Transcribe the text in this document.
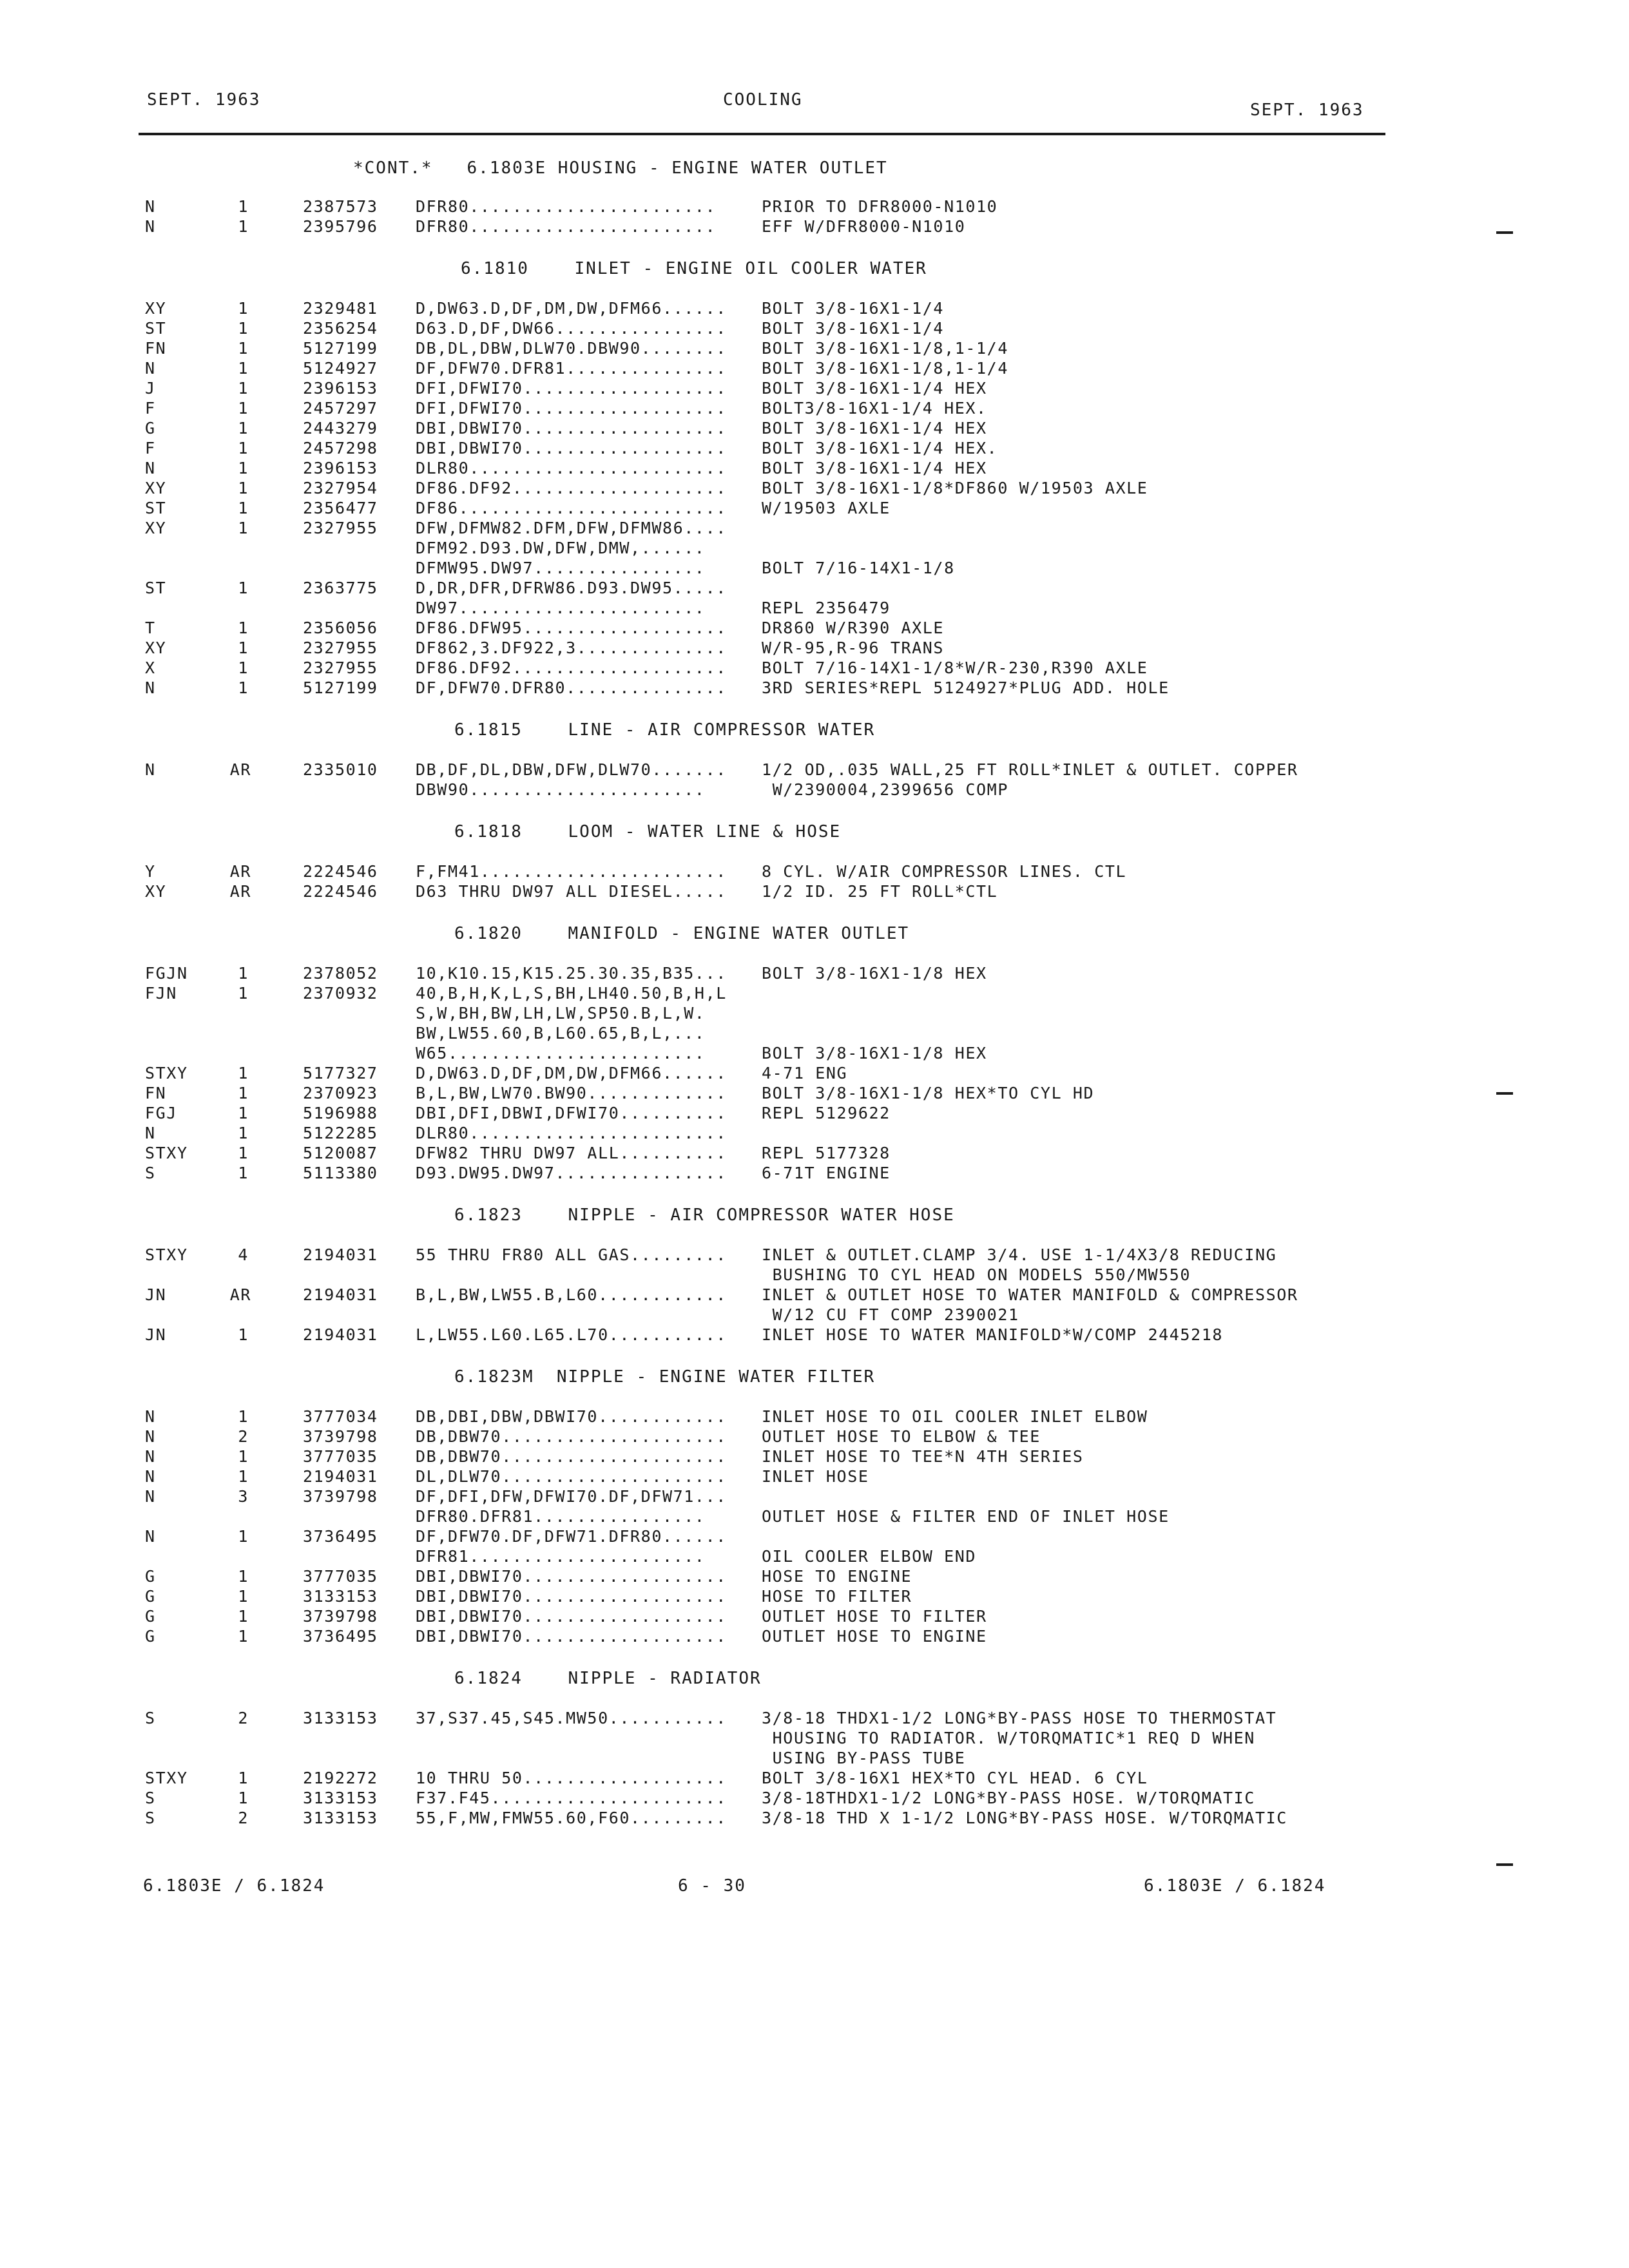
SEPT. 1963	COOLING
SEPT. 1963
*CONT.*   6.1803E HOUSING - ENGINE WATER OUTLET
N	1	2387573 DFR80.......................	PRIOR TO DFR8000-N1010
N	1	2395796 DFR80.......................	EFF W/DFR8000-N1010
6.1810    INLET - ENGINE OIL COOLER WATER
XY	1	2329481 D,DW63.D,DF,DM,DW,DFM66...... BOLT 3/8-16X1-1/4
ST	1	2356254 D63.D,DF,DW66................ BOLT 3/8-16X1-1/4
FN	1	5127199 DB,DL,DBW,DLW70.DBW90........ BOLT 3/8-16X1-1/8,1-1/4
N	1	5124927 DF,DFW70.DFR81............... BOLT 3/8-16X1-1/8,1-1/4
J	1	2396153 DFI,DFWI70................... BOLT 3/8-16X1-1/4 HEX
F	1	2457297 DFI,DFWI70................... BOLT3/8-16X1-1/4 HEX.
G	1	2443279 DBI,DBWI70................... BOLT 3/8-16X1-1/4 HEX
F	1	2457298 DBI,DBWI70................... BOLT 3/8-16X1-1/4 HEX.
N	1	2396153 DLR80........................ BOLT 3/8-16X1-1/4 HEX
XY	1	2327954 DF86.DF92.................... BOLT 3/8-16X1-1/8*DF860 W/19503 AXLE
ST	1	2356477 DF86......................... W/19503 AXLE
XY	1	2327955 DFW,DFMW82.DFM,DFW,DFMW86....
DFM92.D93.DW,DFW,DMW,......
DFMW95.DW97................	BOLT 7/16-14X1-1/8
ST	1	2363775 D,DR,DFR,DFRW86.D93.DW95.....
DW97.......................	REPL 2356479
T	1	2356056 DF86.DFW95................... DR860 W/R390 AXLE
XY	1	2327955 DF862,3.DF922,3.............. W/R-95,R-96 TRANS
X	1	2327955 DF86.DF92.................... BOLT 7/16-14X1-1/8*W/R-230,R390 AXLE
N	1	5127199 DF,DFW70.DFR80............... 3RD SERIES*REPL 5124927*PLUG ADD. HOLE
6.1815    LINE - AIR COMPRESSOR WATER
N	AR	2335010 DB,DF,DL,DBW,DFW,DLW70....... 1/2 OD,.035 WALL,25 FT ROLL*INLET & OUTLET. COPPER
DBW90......................	W/2390004,2399656 COMP
6.1818    LOOM - WATER LINE & HOSE
Y	AR	2224546 F,FM41....................... 8 CYL. W/AIR COMPRESSOR LINES. CTL
XY	AR	2224546 D63 THRU DW97 ALL DIESEL..... 1/2 ID. 25 FT ROLL*CTL
6.1820    MANIFOLD - ENGINE WATER OUTLET
FGJN	1	2378052 10,K10.15,K15.25.30.35,B35... BOLT 3/8-16X1-1/8 HEX
FJN	1	2370932 40,B,H,K,L,S,BH,LH40.50,B,H,L
S,W,BH,BW,LH,LW,SP50.B,L,W.
BW,LW55.60,B,L60.65,B,L,...
W65........................	BOLT 3/8-16X1-1/8 HEX
STXY	1	5177327 D,DW63.D,DF,DM,DW,DFM66...... 4-71 ENG
FN	1	2370923 B,L,BW,LW70.BW90............. BOLT 3/8-16X1-1/8 HEX*TO CYL HD
FGJ	1	5196988 DBI,DFI,DBWI,DFWI70.......... REPL 5129622
N	1	5122285 DLR80........................
STXY	1	5120087 DFW82 THRU DW97 ALL.......... REPL 5177328
S	1	5113380 D93.DW95.DW97................ 6-71T ENGINE
6.1823    NIPPLE - AIR COMPRESSOR WATER HOSE
STXY	4	2194031 55 THRU FR80 ALL GAS......... INLET & OUTLET.CLAMP 3/4. USE 1-1/4X3/8 REDUCING
BUSHING TO CYL HEAD ON MODELS 550/MW550
JN	AR	2194031 B,L,BW,LW55.B,L60............ INLET & OUTLET HOSE TO WATER MANIFOLD & COMPRESSOR
W/12 CU FT COMP 2390021
JN	1	2194031 L,LW55.L60.L65.L70........... INLET HOSE TO WATER MANIFOLD*W/COMP 2445218
6.1823M  NIPPLE - ENGINE WATER FILTER
N	1	3777034 DB,DBI,DBW,DBWI70............ INLET HOSE TO OIL COOLER INLET ELBOW
N	2	3739798 DB,DBW70..................... OUTLET HOSE TO ELBOW & TEE
N	1	3777035 DB,DBW70..................... INLET HOSE TO TEE*N 4TH SERIES
N	1	2194031 DL,DLW70..................... INLET HOSE
N	3	3739798 DF,DFI,DFW,DFWI70.DF,DFW71...
DFR80.DFR81................	OUTLET HOSE & FILTER END OF INLET HOSE
N	1	3736495 DF,DFW70.DF,DFW71.DFR80......
DFR81......................	OIL COOLER ELBOW END
G	1	3777035 DBI,DBWI70................... HOSE TO ENGINE
G	1	3133153 DBI,DBWI70................... HOSE TO FILTER
G	1	3739798 DBI,DBWI70................... OUTLET HOSE TO FILTER
G	1	3736495 DBI,DBWI70................... OUTLET HOSE TO ENGINE
6.1824    NIPPLE - RADIATOR
S	2	3133153 37,S37.45,S45.MW50........... 3/8-18 THDX1-1/2 LONG*BY-PASS HOSE TO THERMOSTAT
HOUSING TO RADIATOR. W/TORQMATIC*1 REQ D WHEN
USING BY-PASS TUBE
STXY	1	2192272 10 THRU 50................... BOLT 3/8-16X1 HEX*TO CYL HEAD. 6 CYL
S	1	3133153 F37.F45...................... 3/8-18THDX1-1/2 LONG*BY-PASS HOSE. W/TORQMATIC
S	2	3133153 55,F,MW,FMW55.60,F60......... 3/8-18 THD X 1-1/2 LONG*BY-PASS HOSE. W/TORQMATIC
6.1803E / 6.1824	6 - 30	6.1803E / 6.1824
